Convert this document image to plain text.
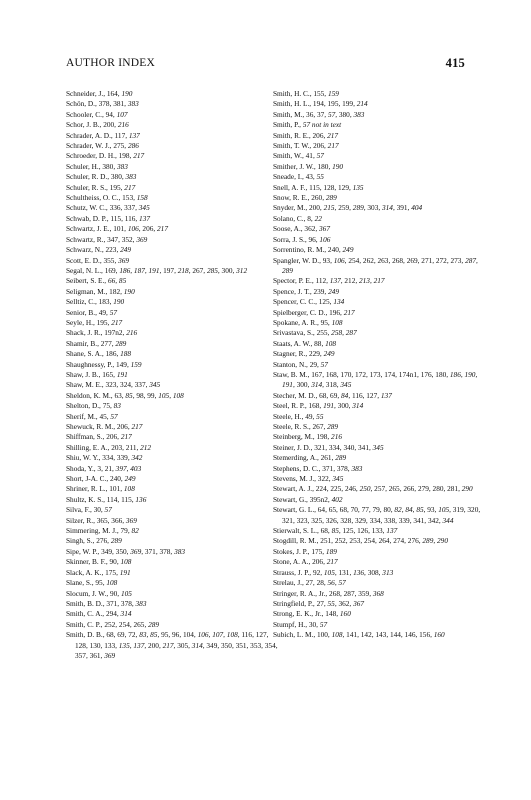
AUTHOR INDEX	415
Schneider, J., 164, 190
Schön, D., 378, 381, 383
Schooler, C., 94, 107
Schor, J. B., 200, 216
Schrader, A. D., 117, 137
Schrader, W. J., 275, 286
Schroeder, D. H., 198, 217
Schuler, H., 380, 383
Schuler, R. D., 380, 383
Schuler, R. S., 195, 217
Schultheiss, O. C., 153, 158
Schutz, W. C., 336, 337, 345
Schwab, D. P., 115, 116, 137
Schwartz, J. E., 101, 106, 206, 217
Schwartz, R., 347, 352, 369
Schwarz, N., 223, 249
Scott, E. D., 355, 369
Segal, N. L., 169, 186, 187, 191, 197, 218, 267, 285, 300, 312
Seibert, S. E., 66, 85
Seligman, M., 182, 190
Selltiz, C., 183, 190
Senior, B., 49, 57
Seyle, H., 195, 217
Shack, J. R., 197n2, 216
Shamir, B., 277, 289
Shane, S. A., 186, 188
Shaughnessy, P., 149, 159
Shaw, J. B., 165, 191
Shaw, M. E., 323, 324, 337, 345
Sheldon, K. M., 63, 85, 98, 99, 105, 108
Shelton, D., 75, 83
Sherif, M., 45, 57
Shewuck, R. M., 206, 217
Shiffman, S., 206, 217
Shilling, E. A., 203, 211, 212
Shiu, W. Y., 334, 339, 342
Shoda, Y., 3, 21, 397, 403
Short, J-A. C., 240, 249
Shriner, R. L., 101, 108
Shultz, K. S., 114, 115, 136
Silva, F., 30, 57
Silzer, R., 365, 366, 369
Simmering, M. J., 79, 82
Singh, S., 276, 289
Sipe, W. P., 349, 350, 369, 371, 378, 383
Skinner, B. F., 90, 108
Slack, A. K., 175, 191
Slane, S., 95, 108
Slocum, J. W., 90, 105
Smith, B. D., 371, 378, 383
Smith, C. A., 294, 314
Smith, C. P., 252, 254, 265, 289
Smith, D. B., 68, 69, 72, 83, 85, 95, 96, 104, 106, 107, 108, 116, 127, 128, 130, 133, 135, 137, 200, 217, 305, 314, 349, 350, 351, 353, 354, 357, 361, 369
Smith, H. C., 155, 159
Smith, H. L., 194, 195, 199, 214
Smith, M., 36, 37, 57, 380, 383
Smith, P., 57 not in text
Smith, R. E., 206, 217
Smith, T. W., 206, 217
Smith, W., 41, 57
Smither, J. W., 180, 190
Sneade, I., 43, 55
Snell, A. F., 115, 128, 129, 135
Snow, R. E., 260, 289
Snyder, M., 200, 215, 259, 289, 303, 314, 391, 404
Solano, C., 8, 22
Soose, A., 362, 367
Sorra, J. S., 96, 106
Sorrentino, R. M., 240, 249
Spangler, W. D., 93, 106, 254, 262, 263, 268, 269, 271, 272, 273, 287, 289
Spector, P. E., 112, 137, 212, 213, 217
Spence, J. T., 239, 249
Spencer, C. C., 125, 134
Spielberger, C. D., 196, 217
Spokane, A. R., 95, 108
Srivastava, S., 255, 258, 287
Staats, A. W., 88, 108
Stagner, R., 229, 249
Stanton, N., 29, 57
Staw, B. M., 167, 168, 170, 172, 173, 174, 174n1, 176, 180, 186, 190, 191, 300, 314, 318, 345
Stecher, M. D., 68, 69, 84, 116, 127, 137
Steel, R. P., 168, 191, 300, 314
Steele, H., 49, 55
Steele, R. S., 267, 289
Steinberg, M., 198, 216
Steiner, J. D., 321, 334, 340, 341, 345
Stemerding, A., 261, 289
Stephens, D. C., 371, 378, 383
Stevens, M. J., 322, 345
Stewart, A. J., 224, 225, 246, 250, 257, 265, 266, 279, 280, 281, 290
Stewart, G., 395n2, 402
Stewart, G. L., 64, 65, 68, 70, 77, 79, 80, 82, 84, 85, 93, 105, 319, 320, 321, 323, 325, 326, 328, 329, 334, 338, 339, 341, 342, 344
Stierwalt, S. L., 68, 85, 125, 126, 133, 137
Stogdill, R. M., 251, 252, 253, 254, 264, 274, 276, 289, 290
Stokes, J. P., 175, 189
Stone, A. A., 206, 217
Strauss, J. P., 92, 105, 131, 136, 308, 313
Strelau, J., 27, 28, 56, 57
Stringer, R. A., Jr., 268, 287, 359, 368
Stringfield, P., 27, 55, 362, 367
Strong, E. K., Jr., 148, 160
Stumpf, H., 30, 57
Subich, L. M., 100, 108, 141, 142, 143, 144, 146, 156, 160
